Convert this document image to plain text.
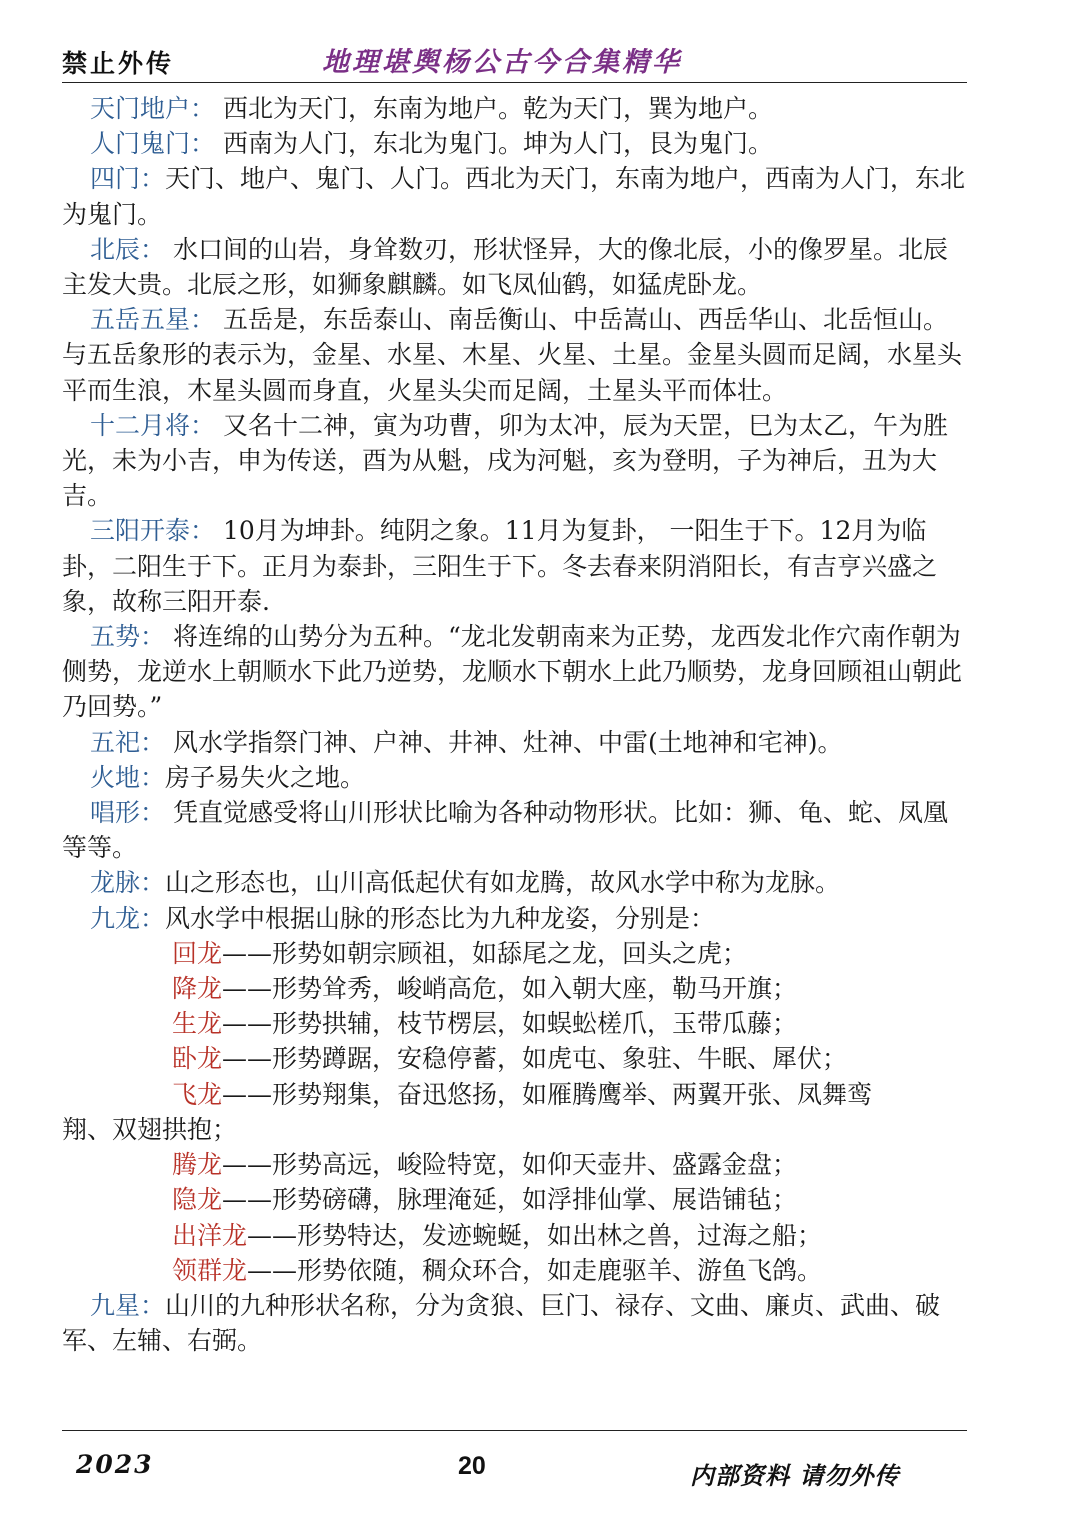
禁止外传	地理堪舆杨公古今合集精华

天门地户： 西北为天门，东南为地户。乾为天门，巽为地户。

人门鬼门： 西南为人门，东北为鬼门。坤为人门，艮为鬼门。

四门：天门、地户、鬼门、人门。西北为天门，东南为地户，西南为人门，东北为鬼门。

北辰： 水口间的山岩，身耸数刃，形状怪异，大的像北辰，小的像罗星。北辰主发大贵。北辰之形，如狮象麒麟。如飞凤仙鹤，如猛虎卧龙。

五岳五星： 五岳是，东岳泰山、南岳衡山、中岳嵩山、西岳华山、北岳恒山。与五岳象形的表示为，金星、水星、木星、火星、土星。金星头圆而足阔，水星头平而生浪，木星头圆而身直，火星头尖而足阔，土星头平而体壮。

十二月将： 又名十二神，寅为功曹，卯为太冲，辰为天罡，巳为太乙，午为胜光，未为小吉，申为传送，酉为从魁，戌为河魁，亥为登明，子为神后，丑为大吉。

三阳开泰： 10月为坤卦。纯阴之象。11月为复卦， 一阳生于下。12月为临卦，二阳生于下。正月为泰卦，三阳生于下。冬去春来阴消阳长，有吉亨兴盛之象，故称三阳开泰.

五势： 将连绵的山势分为五种。“龙北发朝南来为正势，龙西发北作穴南作朝为侧势，龙逆水上朝顺水下此乃逆势，龙顺水下朝水上此乃顺势，龙身回顾祖山朝此乃回势。”

五祀： 风水学指祭门神、户神、井神、灶神、中雷(土地神和宅神)。

火地：房子易失火之地。

唱形： 凭直觉感受将山川形状比喻为各种动物形状。比如：狮、龟、蛇、凤凰等等。

龙脉：山之形态也，山川高低起伏有如龙腾，故风水学中称为龙脉。

九龙：风水学中根据山脉的形态比为九种龙姿，分别是：

回龙——形势如朝宗顾祖，如舔尾之龙，回头之虎；

降龙——形势耸秀，峻峭高危，如入朝大座，勒马开旗；

生龙——形势拱辅，枝节楞层，如蜈蚣槎爪，玉带瓜藤；

卧龙——形势蹲踞，安稳停蓄，如虎屯、象驻、牛眠、犀伏；

飞龙——形势翔集，奋迅悠扬，如雁腾鹰举、两翼开张、凤舞鸾

翔、双翅拱抱；

腾龙——形势高远，峻险特宽，如仰天壶井、盛露金盘；

隐龙——形势磅礴，脉理淹延，如浮排仙掌、展诰铺毡；

出洋龙——形势特达，发迹蜿蜒，如出林之兽，过海之船；

领群龙——形势依随，稠众环合，如走鹿驱羊、游鱼飞鸽。

九星：山川的九种形状名称，分为贪狼、巨门、禄存、文曲、廉贞、武曲、破军、左辅、右弼。

2023	20	内部资料 请勿外传
